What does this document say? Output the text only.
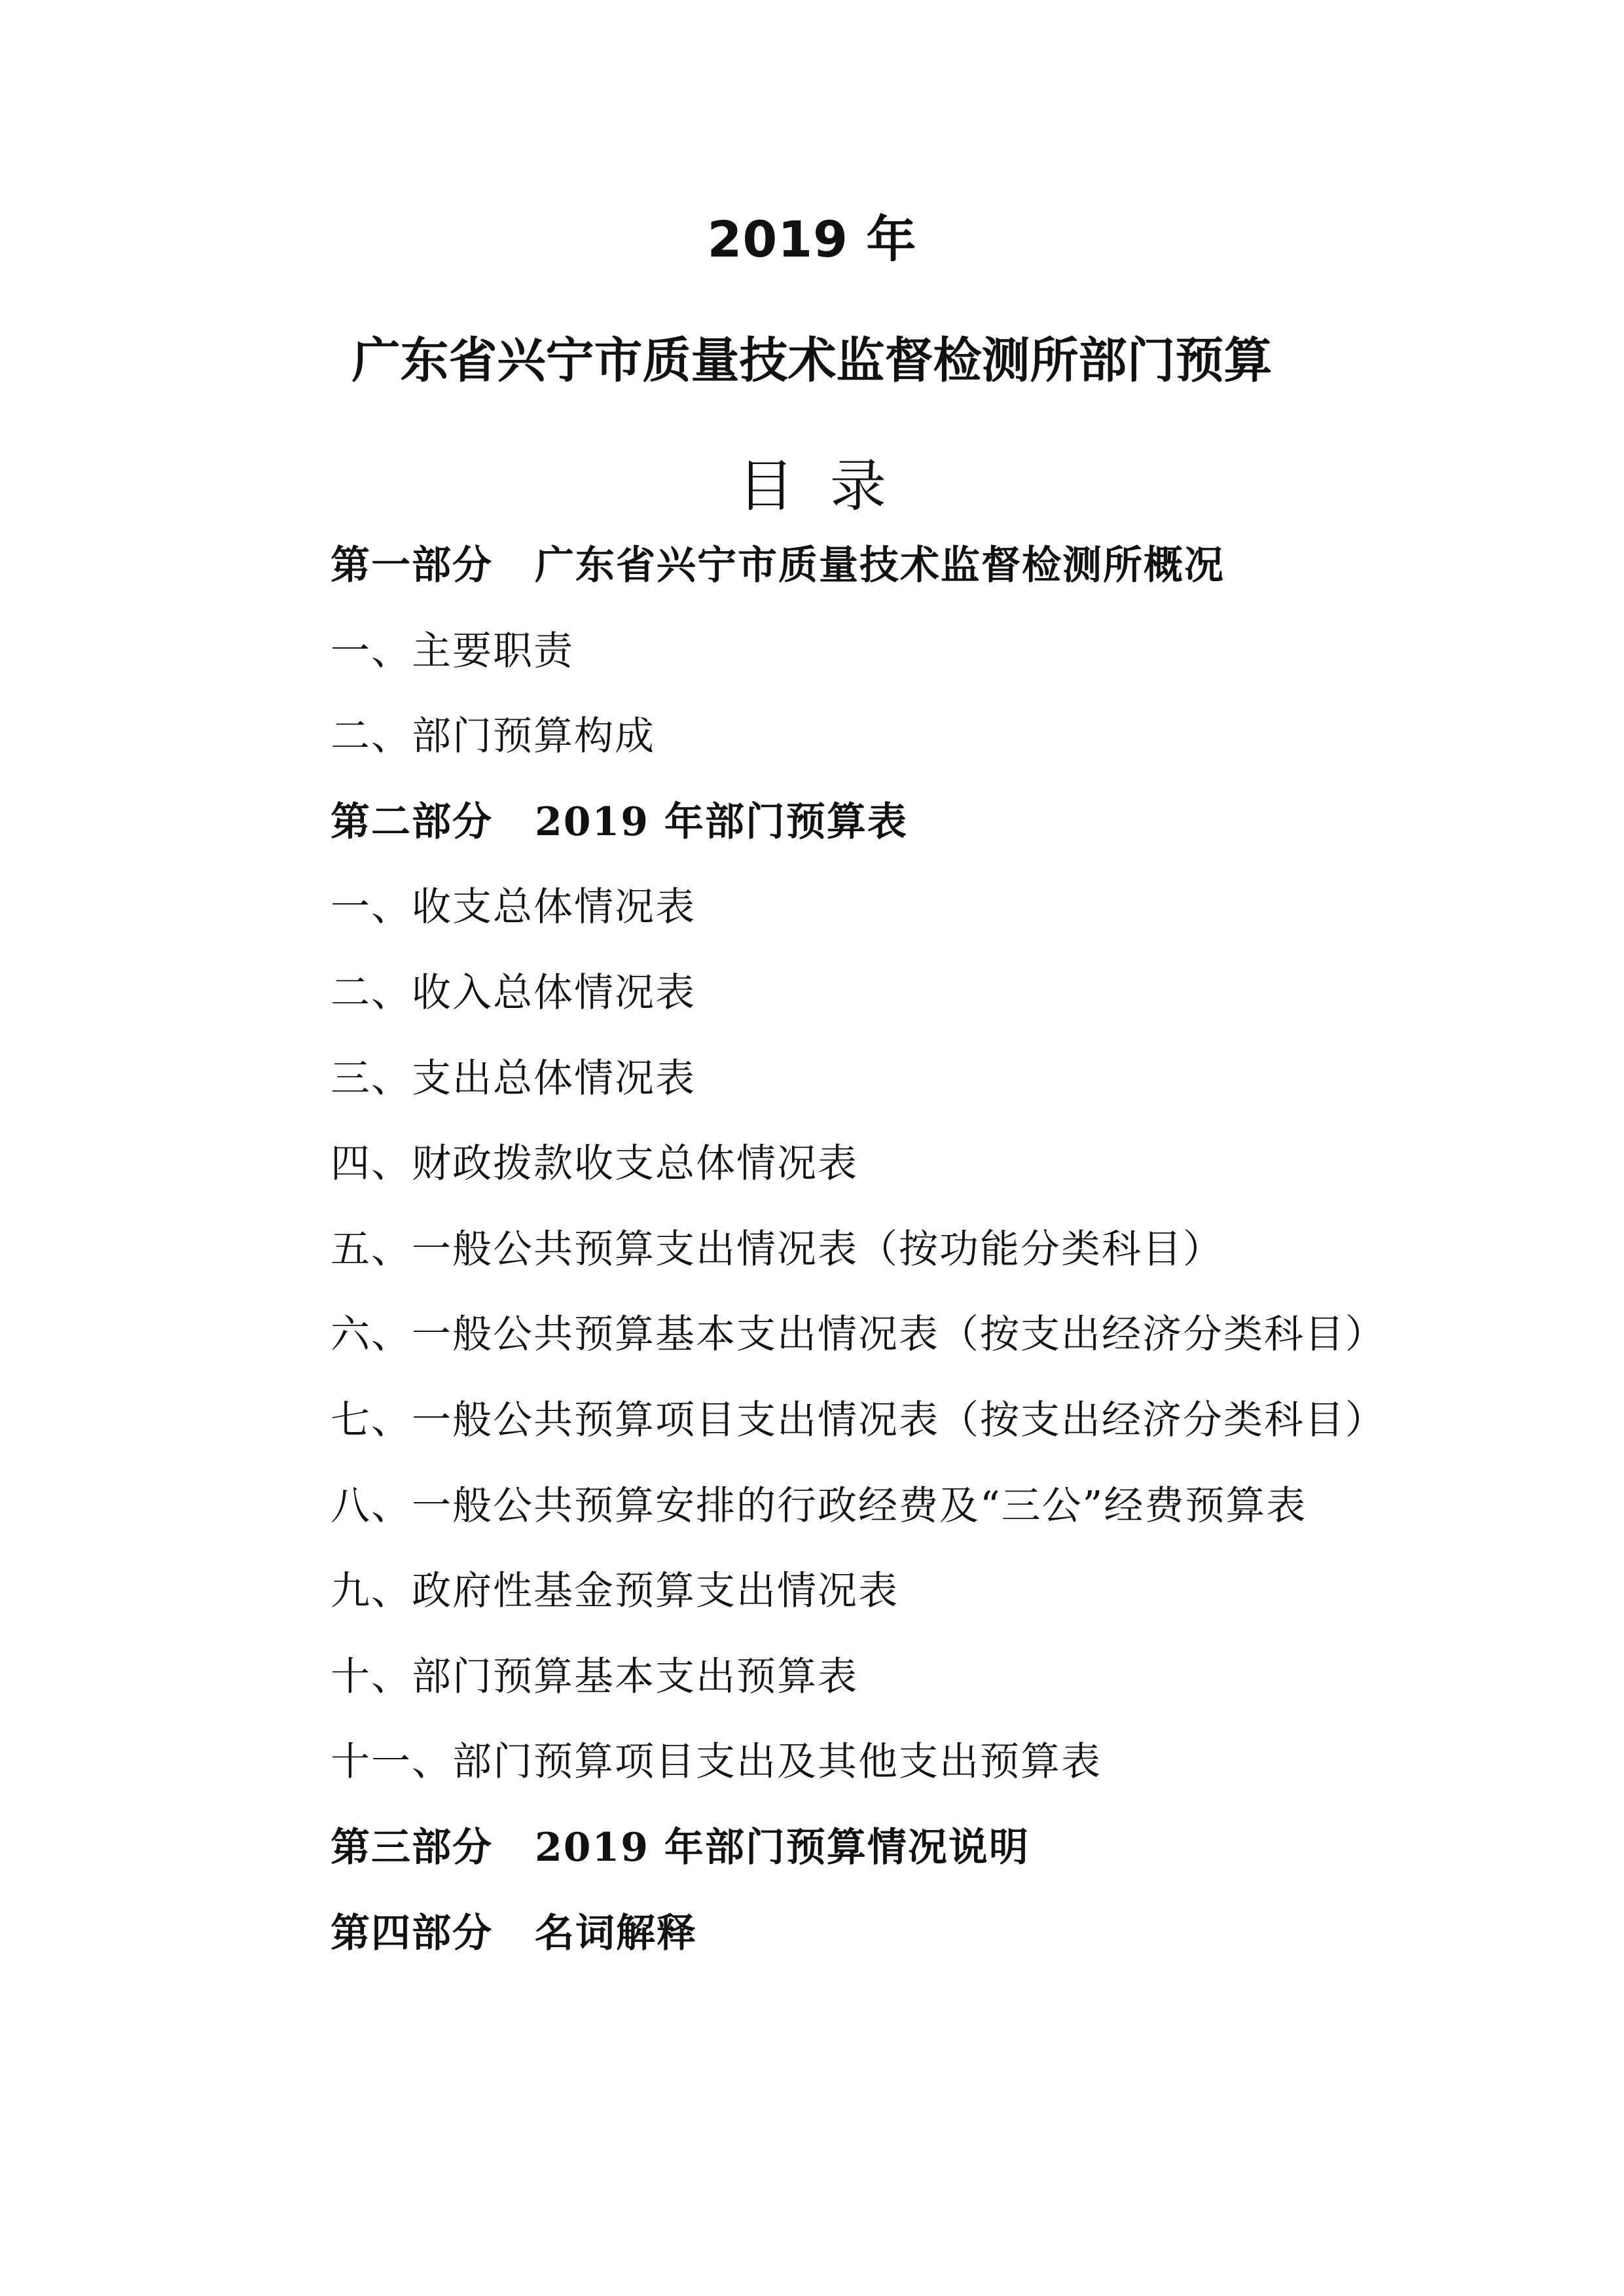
2019 年
广东省兴宁市质量技术监督检测所部门预算
目  录
第一部分 广东省兴宁市质量技术监督检测所概况
一、主要职责
二、部门预算构成
第二部分 2019 年部门预算表
一、收支总体情况表
二、收入总体情况表
三、支出总体情况表
四、财政拨款收支总体情况表
五、一般公共预算支出情况表（按功能分类科目）
六、一般公共预算基本支出情况表（按支出经济分类科目）
七、一般公共预算项目支出情况表（按支出经济分类科目）
八、一般公共预算安排的行政经费及“三公”经费预算表
九、政府性基金预算支出情况表
十、部门预算基本支出预算表
十一、部门预算项目支出及其他支出预算表
第三部分 2019 年部门预算情况说明
第四部分 名词解释
